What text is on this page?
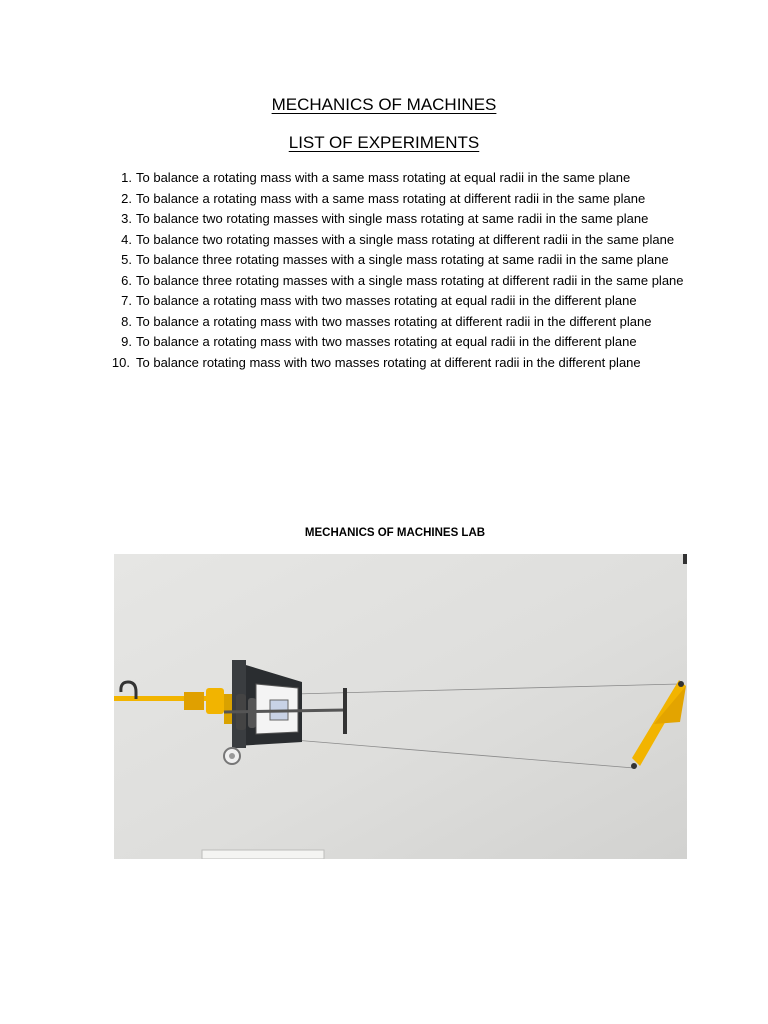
MECHANICS OF MACHINES
LIST OF EXPERIMENTS
1. To balance a rotating mass with a same mass rotating at equal radii in the same plane
2. To balance a rotating mass with a same mass rotating at different radii in the same plane
3. To balance two rotating masses with single mass rotating at same radii in the same plane
4. To balance two rotating masses with a single mass rotating at different radii in the same plane
5. To balance three rotating masses with a single mass rotating at same radii in the same plane
6. To balance three rotating masses with a single mass rotating at different radii in the same plane
7. To balance a rotating mass with two masses rotating at equal radii in the different plane
8. To balance a rotating mass with two masses rotating at different radii in the different plane
9. To balance a rotating mass with two masses rotating at equal radii in the different plane
10. To balance rotating mass with two masses rotating at different radii in the different plane

MECHANICS OF MACHINES LAB
